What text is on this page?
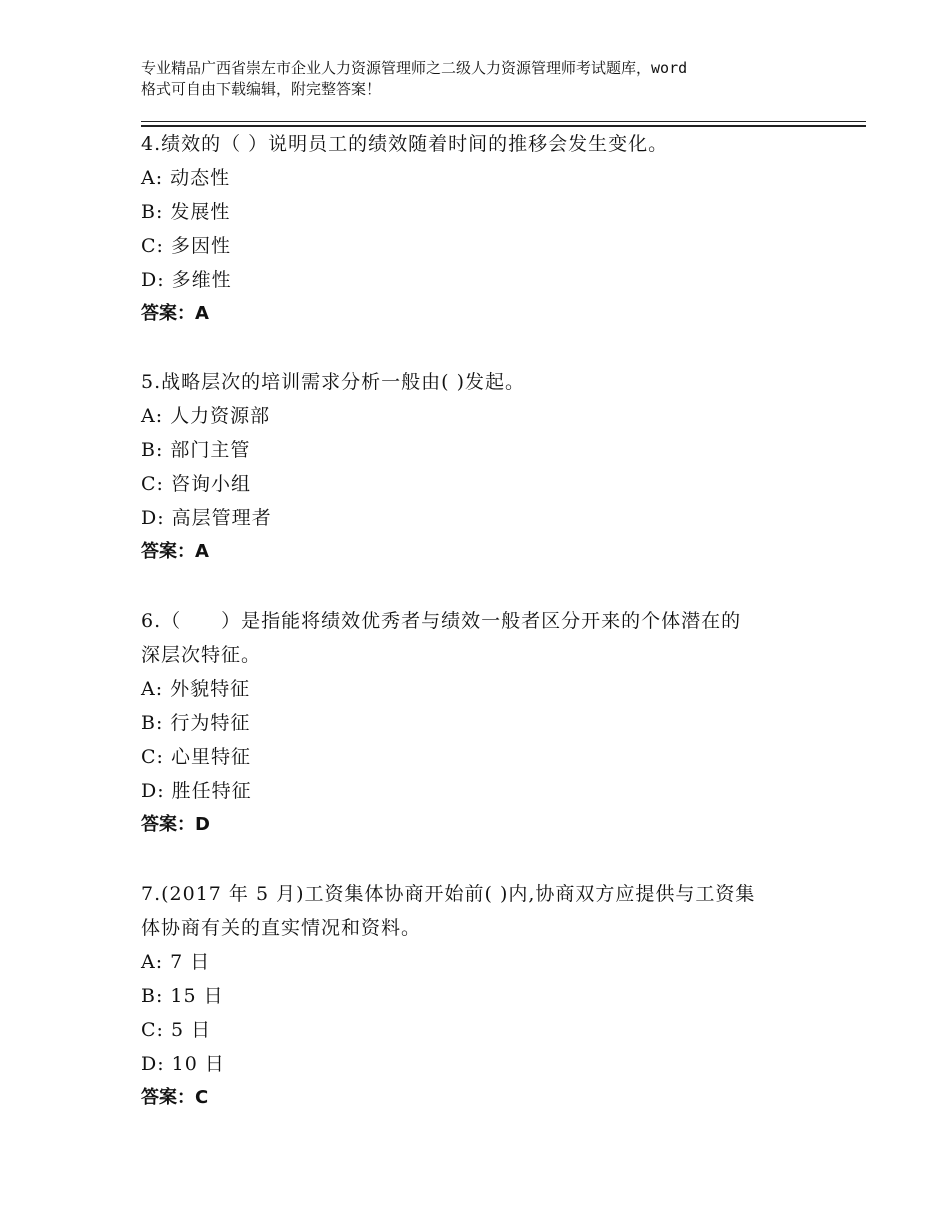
专业精品广西省崇左市企业人力资源管理师之二级人力资源管理师考试题库，word
格式可自由下载编辑，附完整答案！
4.绩效的（ ）说明员工的绩效随着时间的推移会发生变化。
A: 动态性
B: 发展性
C: 多因性
D: 多维性
答案：A
5.战略层次的培训需求分析一般由( )发起。
A: 人力资源部
B: 部门主管
C: 咨询小组
D: 高层管理者
答案：A
6.（　　）是指能将绩效优秀者与绩效一般者区分开来的个体潜在的
深层次特征。
A: 外貌特征
B: 行为特征
C: 心里特征
D: 胜任特征
答案：D
7.(2017 年 5 月)工资集体协商开始前( )内,协商双方应提供与工资集
体协商有关的直实情况和资料。
A: 7 日
B: 15 日
C: 5 日
D: 10 日
答案：C
